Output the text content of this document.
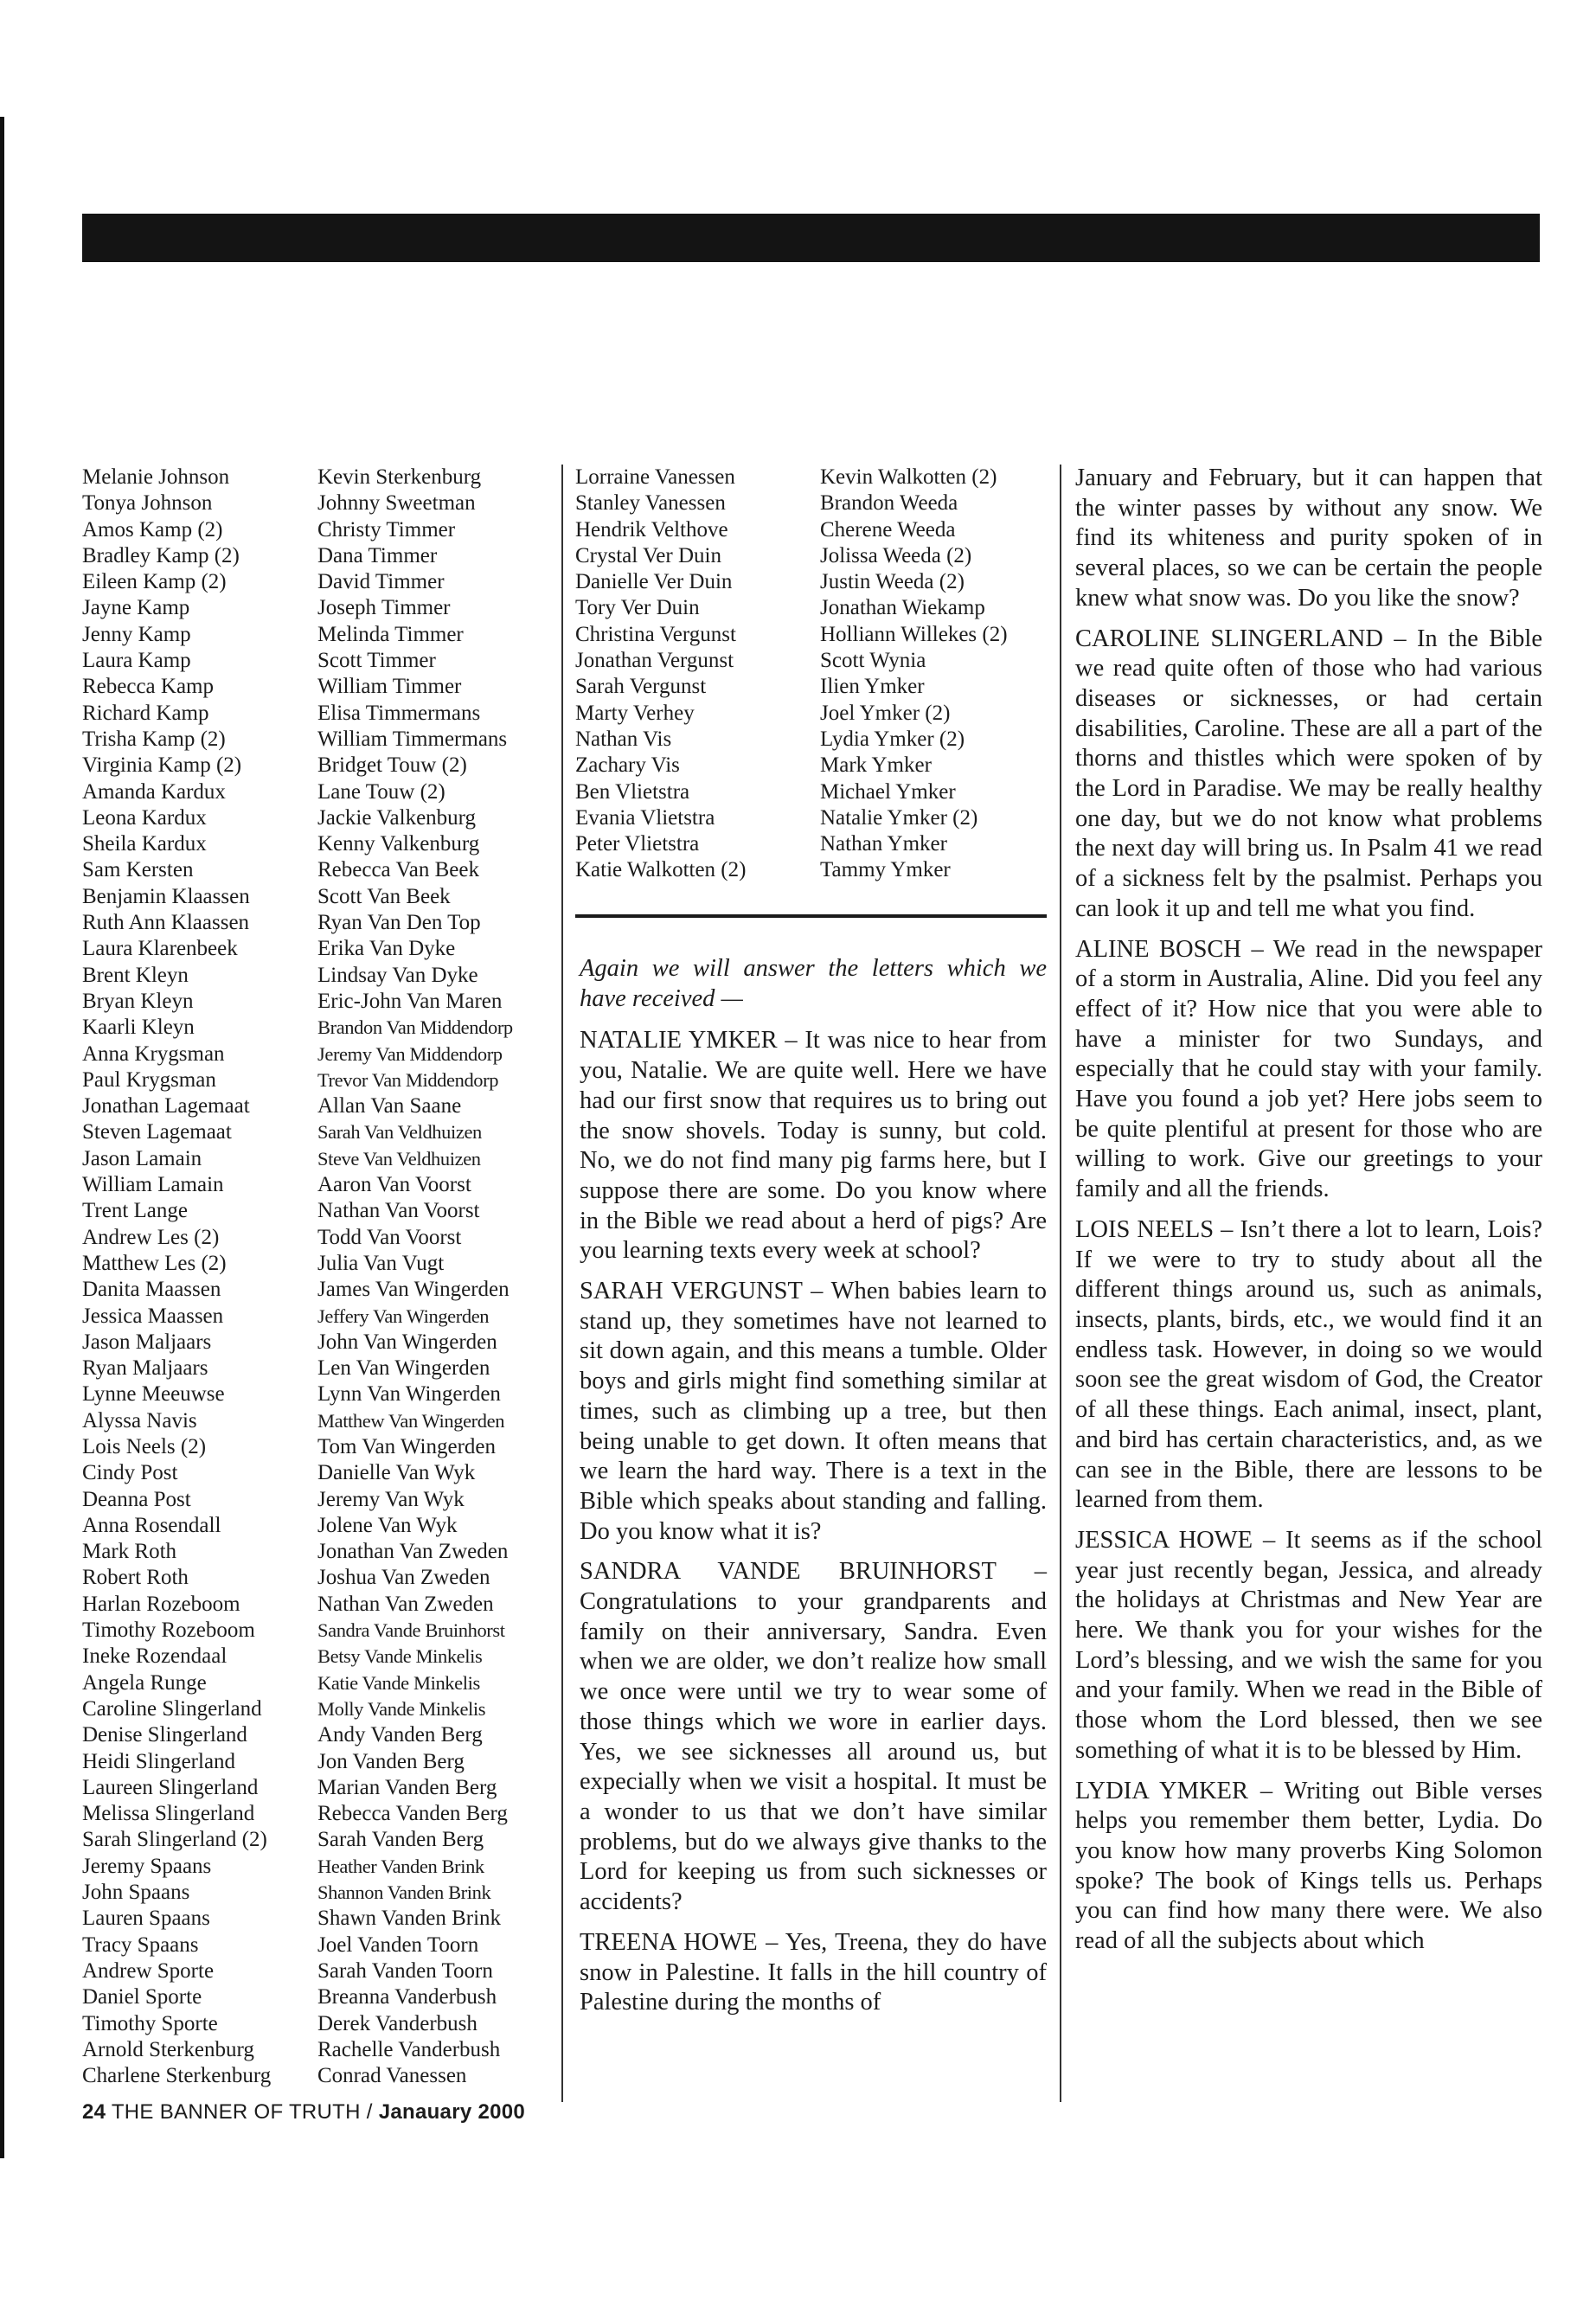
Melanie Johnson
Tonya Johnson
Amos Kamp (2)
Bradley Kamp (2)
Eileen Kamp (2)
Jayne Kamp
Jenny Kamp
Laura Kamp
Rebecca Kamp
Richard Kamp
Trisha Kamp (2)
Virginia Kamp (2)
Amanda Kardux
Leona Kardux
Sheila Kardux
Sam Kersten
Benjamin Klaassen
Ruth Ann Klaassen
Laura Klarenbeek
Brent Kleyn
Bryan Kleyn
Kaarli Kleyn
Anna Krygsman
Paul Krygsman
Jonathan Lagemaat
Steven Lagemaat
Jason Lamain
William Lamain
Trent Lange
Andrew Les (2)
Matthew Les (2)
Danita Maassen
Jessica Maassen
Jason Maljaars
Ryan Maljaars
Lynne Meeuwse
Alyssa Navis
Lois Neels (2)
Cindy Post
Deanna Post
Anna Rosendall
Mark Roth
Robert Roth
Harlan Rozeboom
Timothy Rozeboom
Ineke Rozendaal
Angela Runge
Caroline Slingerland
Denise Slingerland
Heidi Slingerland
Laureen Slingerland
Melissa Slingerland
Sarah Slingerland (2)
Jeremy Spaans
John Spaans
Lauren Spaans
Tracy Spaans
Andrew Sporte
Daniel Sporte
Timothy Sporte
Arnold Sterkenburg
Charlene Sterkenburg
Kevin Sterkenburg
Johnny Sweetman
Christy Timmer
Dana Timmer
David Timmer
Joseph Timmer
Melinda Timmer
Scott Timmer
William Timmer
Elisa Timmermans
William Timmermans
Bridget Touw (2)
Lane Touw (2)
Jackie Valkenburg
Kenny Valkenburg
Rebecca Van Beek
Scott Van Beek
Ryan Van Den Top
Erika Van Dyke
Lindsay Van Dyke
Eric-John Van Maren
Brandon Van Middendorp
Jeremy Van Middendorp
Trevor Van Middendorp
Allan Van Saane
Sarah Van Veldhuizen
Steve Van Veldhuizen
Aaron Van Voorst
Nathan Van Voorst
Todd Van Voorst
Julia Van Vugt
James Van Wingerden
Jeffery Van Wingerden
John Van Wingerden
Len Van Wingerden
Lynn Van Wingerden
Matthew Van Wingerden
Tom Van Wingerden
Danielle Van Wyk
Jeremy Van Wyk
Jolene Van Wyk
Jonathan Van Zweden
Joshua Van Zweden
Nathan Van Zweden
Sandra Vande Bruinhorst
Betsy Vande Minkelis
Katie Vande Minkelis
Molly Vande Minkelis
Andy Vanden Berg
Jon Vanden Berg
Marian Vanden Berg
Rebecca Vanden Berg
Sarah Vanden Berg
Heather Vanden Brink
Shannon Vanden Brink
Shawn Vanden Brink
Joel Vanden Toorn
Sarah Vanden Toorn
Breanna Vanderbush
Derek Vanderbush
Rachelle Vanderbush
Conrad Vanessen
Lorraine Vanessen
Stanley Vanessen
Hendrik Velthove
Crystal Ver Duin
Danielle Ver Duin
Tory Ver Duin
Christina Vergunst
Jonathan Vergunst
Sarah Vergunst
Marty Verhey
Nathan Vis
Zachary Vis
Ben Vlietstra
Evania Vlietstra
Peter Vlietstra
Katie Walkotten (2)
Kevin Walkotten (2)
Brandon Weeda
Cherene Weeda
Jolissa Weeda (2)
Justin Weeda (2)
Jonathan Wiekamp
Holliann Willekes (2)
Scott Wynia
Ilien Ymker
Joel Ymker (2)
Lydia Ymker (2)
Mark Ymker
Michael Ymker
Natalie Ymker (2)
Nathan Ymker
Tammy Ymker

Again we will answer the letters which we have received —

NATALIE YMKER – It was nice to hear from you, Natalie. We are quite well. Here we have had our first snow that requires us to bring out the snow shovels. Today is sunny, but cold. No, we do not find many pig farms here, but I suppose there are some. Do you know where in the Bible we read about a herd of pigs? Are you learning texts every week at school?

SARAH VERGUNST – When babies learn to stand up, they sometimes have not learned to sit down again, and this means a tumble. Older boys and girls might find something similar at times, such as climbing up a tree, but then being unable to get down. It often means that we learn the hard way. There is a text in the Bible which speaks about standing and falling. Do you know what it is?

SANDRA VANDE BRUINHORST – Congratulations to your grandparents and family on their anniversary, Sandra. Even when we are older, we don’t realize how small we once were until we try to wear some of those things which we wore in earlier days. Yes, we see sicknesses all around us, but expecially when we visit a hospital. It must be a wonder to us that we don’t have similar problems, but do we always give thanks to the Lord for keeping us from such sicknesses or accidents?

TREENA HOWE – Yes, Treena, they do have snow in Palestine. It falls in the hill country of Palestine during the months of

January and February, but it can happen that the winter passes by without any snow. We find its whiteness and purity spoken of in several places, so we can be certain the people knew what snow was. Do you like the snow?

CAROLINE SLINGERLAND – In the Bible we read quite often of those who had various diseases or sicknesses, or had certain disabilities, Caroline. These are all a part of the thorns and thistles which were spoken of by the Lord in Paradise. We may be really healthy one day, but we do not know what problems the next day will bring us. In Psalm 41 we read of a sickness felt by the psalmist. Perhaps you can look it up and tell me what you find.

ALINE BOSCH – We read in the newspaper of a storm in Australia, Aline. Did you feel any effect of it? How nice that you were able to have a minister for two Sundays, and especially that he could stay with your family. Have you found a job yet? Here jobs seem to be quite plentiful at present for those who are willing to work. Give our greetings to your family and all the friends.

LOIS NEELS – Isn’t there a lot to learn, Lois? If we were to try to study about all the different things around us, such as animals, insects, plants, birds, etc., we would find it an endless task. However, in doing so we would soon see the great wisdom of God, the Creator of all these things. Each animal, insect, plant, and bird has certain characteristics, and, as we can see in the Bible, there are lessons to be learned from them.

JESSICA HOWE – It seems as if the school year just recently began, Jessica, and already the holidays at Christmas and New Year are here. We thank you for your wishes for the Lord’s blessing, and we wish the same for you and your family. When we read in the Bible of those whom the Lord blessed, then we see something of what it is to be blessed by Him.

LYDIA YMKER – Writing out Bible verses helps you remember them better, Lydia. Do you know how many proverbs King Solomon spoke? The book of Kings tells us. Perhaps you can find how many there were. We also read of all the subjects about which

24 THE BANNER OF TRUTH / Janauary 2000
